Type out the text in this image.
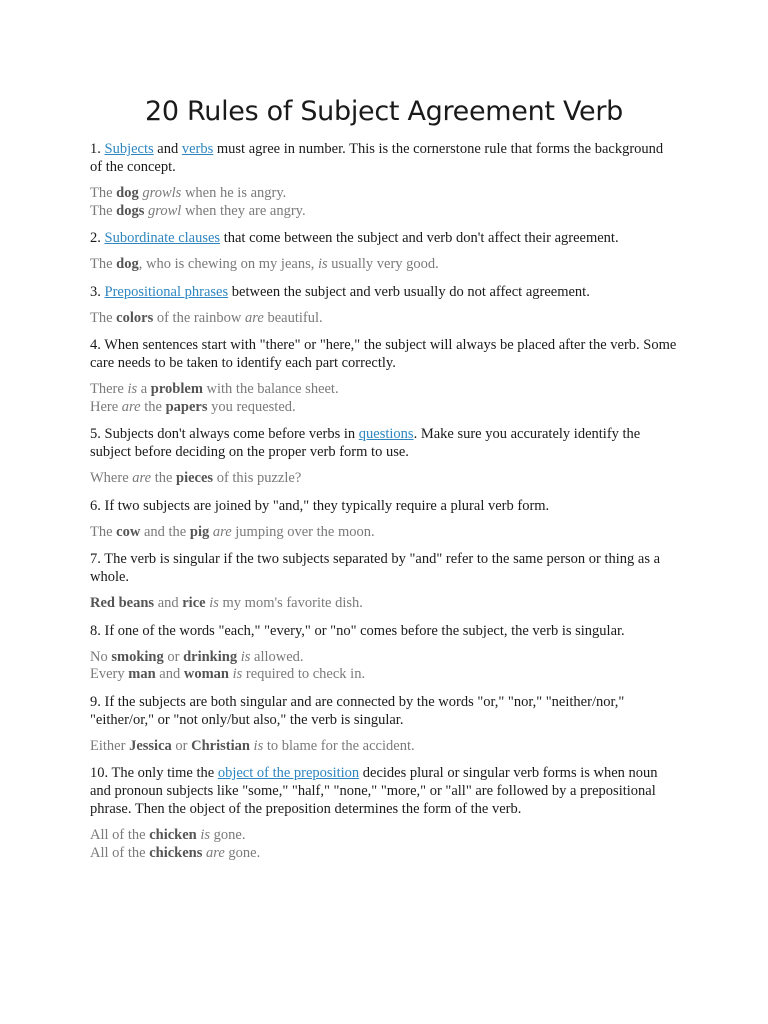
20 Rules of Subject Agreement Verb

1. Subjects and verbs must agree in number. This is the cornerstone rule that forms the background of the concept.

The dog growls when he is angry.
The dogs growl when they are angry.

2. Subordinate clauses that come between the subject and verb don't affect their agreement.

The dog, who is chewing on my jeans, is usually very good.

3. Prepositional phrases between the subject and verb usually do not affect agreement.

The colors of the rainbow are beautiful.

4. When sentences start with "there" or "here," the subject will always be placed after the verb. Some care needs to be taken to identify each part correctly.

There is a problem with the balance sheet.
Here are the papers you requested.

5. Subjects don't always come before verbs in questions. Make sure you accurately identify the subject before deciding on the proper verb form to use.

Where are the pieces of this puzzle?

6. If two subjects are joined by "and," they typically require a plural verb form.

The cow and the pig are jumping over the moon.

7. The verb is singular if the two subjects separated by "and" refer to the same person or thing as a whole.

Red beans and rice is my mom's favorite dish.

8. If one of the words "each," "every," or "no" comes before the subject, the verb is singular.

No smoking or drinking is allowed.
Every man and woman is required to check in.

9. If the subjects are both singular and are connected by the words "or," "nor," "neither/nor," "either/or," or "not only/but also," the verb is singular.

Either Jessica or Christian is to blame for the accident.

10. The only time the object of the preposition decides plural or singular verb forms is when noun and pronoun subjects like "some," "half," "none," "more," or "all" are followed by a prepositional phrase. Then the object of the preposition determines the form of the verb.

All of the chicken is gone.
All of the chickens are gone.
